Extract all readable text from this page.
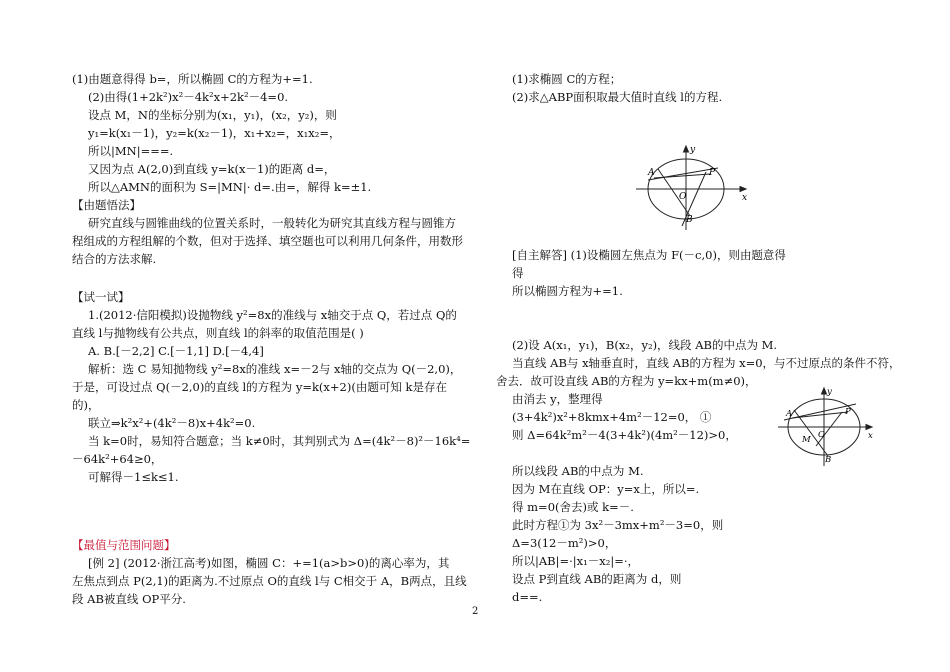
(1)由题意得得 b=，所以椭圆 C的方程为+=1.
(2)由得(1+2k²)x²－4k²x+2k²－4=0.
设点 M，N的坐标分别为(x₁，y₁)，(x₂，y₂)，则
y₁=k(x₁－1)，y₂=k(x₂－1)，x₁+x₂=，x₁x₂=，
所以|MN|===.
又因为点 A(2,0)到直线 y=k(x－1)的距离 d=，
所以△AMN的面积为 S=|MN|· d=.由=，解得 k=±1.
【由题悟法】
研究直线与圆锥曲线的位置关系时，一般转化为研究其直线方程与圆锥方
程组成的方程组解的个数，但对于选择、填空题也可以利用几何条件，用数形
结合的方法求解.
【试一试】
1.(2012·信阳模拟)设抛物线 y²=8x的准线与 x轴交于点 Q，若过点 Q的
直线 l与抛物线有公共点，则直线 l的斜率的取值范围是( )
A. B.[－2,2] C.[－1,1] D.[－4,4]
解析：选 C 易知抛物线 y²=8x的准线 x=－2与 x轴的交点为 Q(－2,0)，
于是，可设过点 Q(－2,0)的直线 l的方程为 y=k(x+2)(由题可知 k是存在
的)，
联立⇒k²x²+(4k²－8)x+4k²=0.
当 k=0时，易知符合题意；当 k≠0时，其判别式为 Δ=(4k²－8)²－16k⁴=
－64k²+64≥0，
可解得－1≤k≤1.
【最值与范围问题】
[例 2] (2012·浙江高考)如图，椭圆 C：+=1(a>b>0)的离心率为，其
左焦点到点 P(2,1)的距离为.不过原点 O的直线 l与 C相交于 A，B两点，且线
段 AB被直线 OP平分.
(1)求椭圆 C的方程；
(2)求△ABP面积取最大值时直线 l的方程.
[自主解答] (1)设椭圆左焦点为 F(－c,0)，则由题意得
得
所以椭圆方程为+=1.
(2)设 A(x₁，y₁)，B(x₂，y₂)，线段 AB的中点为 M.
当直线 AB与 x轴垂直时，直线 AB的方程为 x=0，与不过原点的条件不符，
舍去．故可设直线 AB的方程为 y=kx+m(m≠0)，
由消去 y，整理得
(3+4k²)x²+8kmx+4m²－12=0， ①
则 Δ=64k²m²－4(3+4k²)(4m²－12)>0，
所以线段 AB的中点为 M.
因为 M在直线 OP：y=x上，所以=.
得 m=0(舍去)或 k=－.
此时方程①为 3x²－3mx+m²－3=0，则
Δ=3(12－m²)>0，
所以|AB|=·|x₁－x₂|=·，
设点 P到直线 AB的距离为 d，则
d==.
y
x
A
O
P
B
y
x
A
O
P
M
B
2
